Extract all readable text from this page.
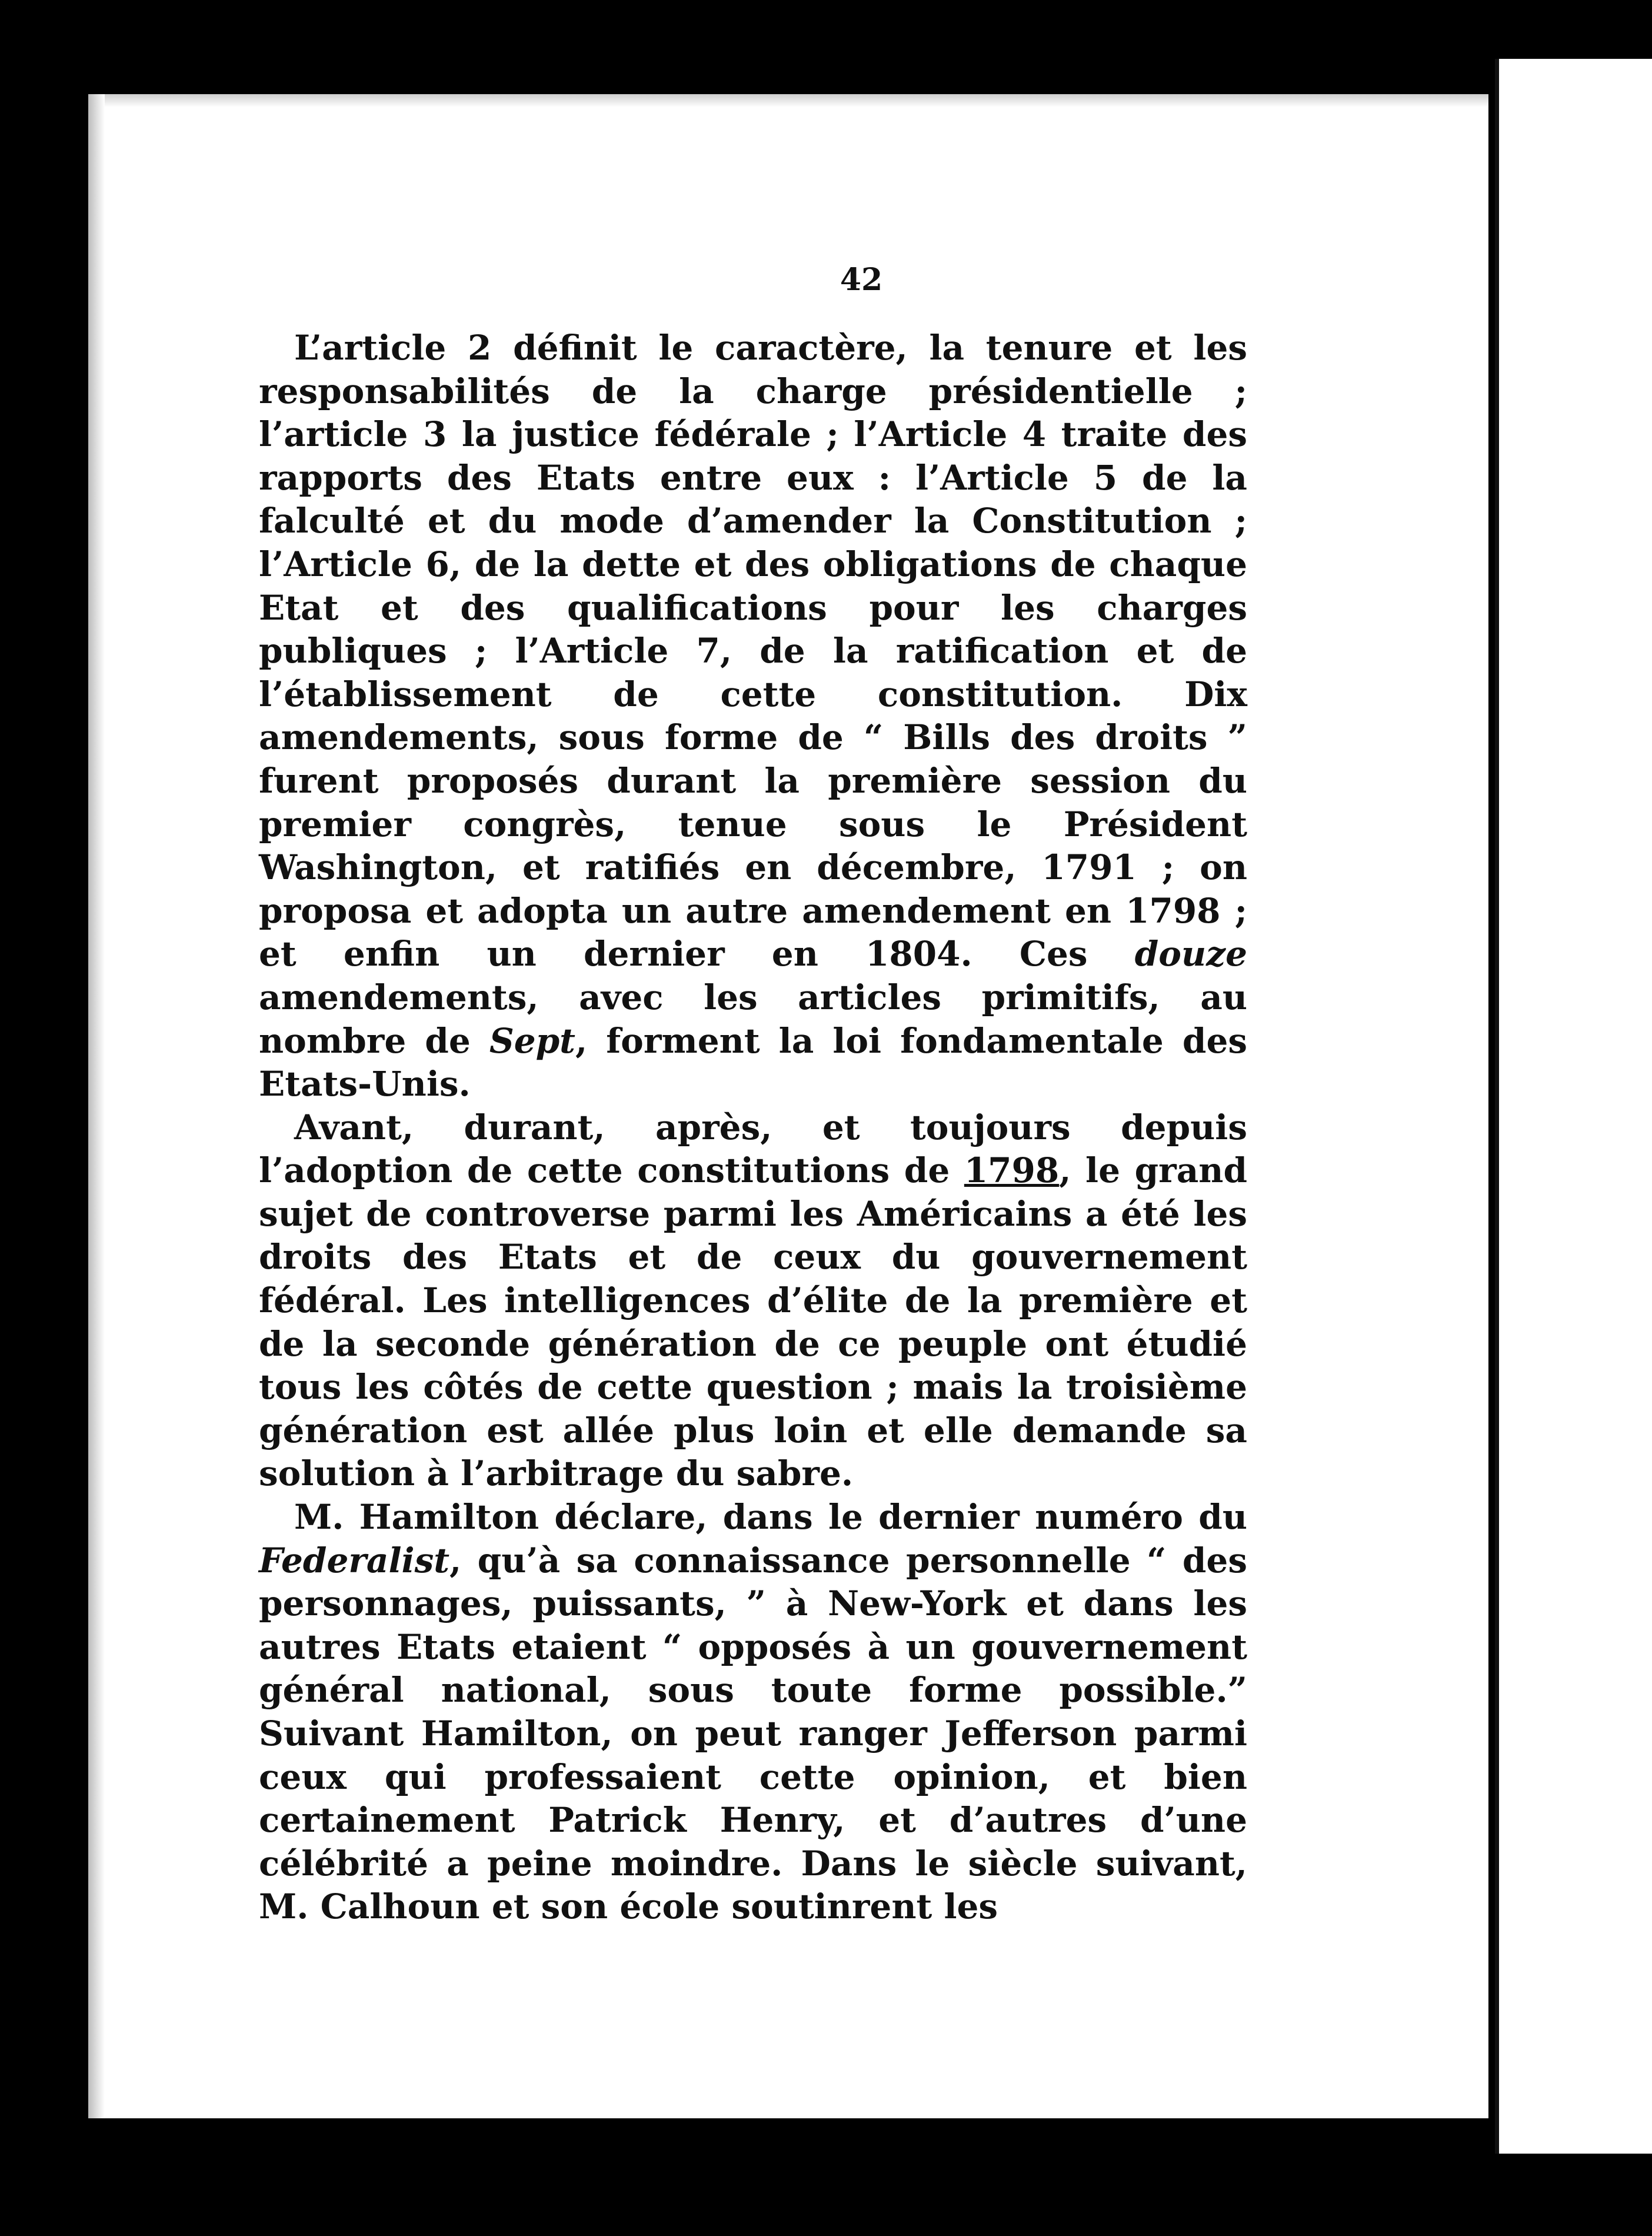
42

L’article 2 définit le caractère, la tenure et les responsabilités de la charge présidentielle ; l’article 3 la justice fédérale ; l’Article 4 traite des rapports des Etats entre eux : l’Article 5 de la falculté et du mode d’amender la Constitution ; l’Article 6, de la dette et des obligations de chaque Etat et des qualifications pour les charges publiques ; l’Article 7, de la ratification et de l’établissement de cette constitution. Dix amendements, sous forme de “ Bills des droits ” furent proposés durant la première session du premier congrès, tenue sous le Président Washington, et ratifiés en décembre, 1791 ; on proposa et adopta un autre amendement en 1798 ; et enfin un dernier en 1804. Ces douze amendements, avec les articles primitifs, au nombre de Sept, forment la loi fondamentale des Etats-Unis.

Avant, durant, après, et toujours depuis l’adoption de cette constitutions de 1798, le grand sujet de controverse parmi les Américains a été les droits des Etats et de ceux du gouvernement fédéral. Les intelligences d’élite de la première et de la seconde génération de ce peuple ont étudié tous les côtés de cette question ; mais la troisième génération est allée plus loin et elle demande sa solution à l’arbitrage du sabre.

M. Hamilton déclare, dans le dernier numéro du Federalist, qu’à sa connaissance personnelle “ des personnages, puissants, ” à New-York et dans les autres Etats etaient “ opposés à un gouvernement général national, sous toute forme possible.” Suivant Hamilton, on peut ranger Jefferson parmi ceux qui professaient cette opinion, et bien certainement Patrick Henry, et d’autres d’une célébrité a peine moindre. Dans le siècle suivant, M. Calhoun et son école soutinrent les
